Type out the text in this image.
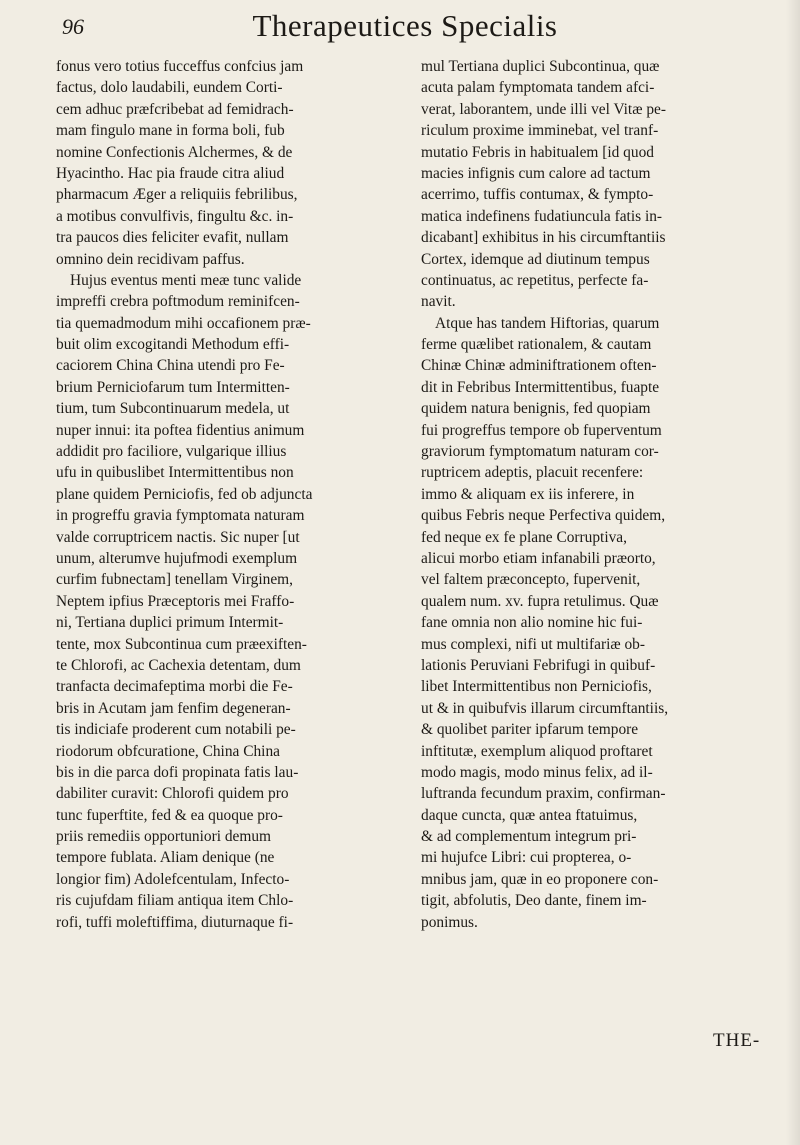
96	Therapeutices Specialis
fonus vero totius fucceffus confcius jam
factus, dolo laudabili, eundem Corti-
cem adhuc præfcribebat ad femidrach-
mam fingulo mane in forma boli, fub
nomine Confectionis Alchermes, & de
Hyacintho. Hac pia fraude citra aliud
pharmacum Æger a reliquiis febrilibus,
a motibus convulfivis, fingultu &c. in-
tra paucos dies feliciter evafit, nullam
omnino dein recidivam paffus.
Hujus eventus menti meæ tunc valide
impreffi crebra poftmodum reminifcen-
tia quemadmodum mihi occafionem præ-
buit olim excogitandi Methodum effi-
caciorem China China utendi pro Fe-
brium Perniciofarum tum Intermitten-
tium, tum Subcontinuarum medela, ut
nuper innui: ita poftea fidentius animum
addidit pro faciliore, vulgarique illius
ufu in quibuslibet Intermittentibus non
plane quidem Perniciofis, fed ob adjuncta
in progreffu gravia fymptomata naturam
valde corruptricem nactis. Sic nuper [ut
unum, alterumve hujufmodi exemplum
curfim fubnectam] tenellam Virginem,
Neptem ipfius Præceptoris mei Fraffo-
ni, Tertiana duplici primum Intermit-
tente, mox Subcontinua cum præexiften-
te Chlorofi, ac Cachexia detentam, dum
tranfacta decimafeptima morbi die Fe-
bris in Acutam jam fenfim degeneran-
tis indiciafe proderent cum notabili pe-
riodorum obfcuratione, China China
bis in die parca dofi propinata fatis lau-
dabiliter curavit: Chlorofi quidem pro
tunc fuperftite, fed & ea quoque pro-
priis remediis opportuniori demum
tempore fublata. Aliam denique (ne
longior fim) Adolefcentulam, Infecto-
ris cujufdam filiam antiqua item Chlo-
rofi, tuffi moleftiffima, diuturnaque fi-
mul Tertiana duplici Subcontinua, quæ
acuta palam fymptomata tandem afci-
verat, laborantem, unde illi vel Vitæ pe-
riculum proxime imminebat, vel tranf-
mutatio Febris in habitualem [id quod
macies infignis cum calore ad tactum
acerrimo, tuffis contumax, & fympto-
matica indefinens fudatiuncula fatis in-
dicabant] exhibitus in his circumftantiis
Cortex, idemque ad diutinum tempus
continuatus, ac repetitus, perfecte fa-
navit.
Atque has tandem Hiftorias, quarum
ferme quælibet rationalem, & cautam
Chinæ Chinæ adminiftrationem often-
dit in Febribus Intermittentibus, fuapte
quidem natura benignis, fed quopiam
fui progreffus tempore ob fuperventum
graviorum fymptomatum naturam cor-
ruptricem adeptis, placuit recenfere:
immo & aliquam ex iis inferere, in
quibus Febris neque Perfectiva quidem,
fed neque ex fe plane Corruptiva,
alicui morbo etiam infanabili præorto,
vel faltem præconcepto, fupervenit,
qualem num. xv. fupra retulimus. Quæ
fane omnia non alio nomine hic fui-
mus complexi, nifi ut multifariæ ob-
lationis Peruviani Febrifugi in quibuf-
libet Intermittentibus non Perniciofis,
ut & in quibufvis illarum circumftantiis,
& quolibet pariter ipfarum tempore
inftitutæ, exemplum aliquod proftaret
modo magis, modo minus felix, ad il-
luftranda fecundum praxim, confirman-
daque cuncta, quæ antea ftatuimus,
& ad complementum integrum pri-
mi hujufce Libri: cui propterea, o-
mnibus jam, quæ in eo proponere con-
tigit, abfolutis, Deo dante, finem im-
ponimus.
THE-
